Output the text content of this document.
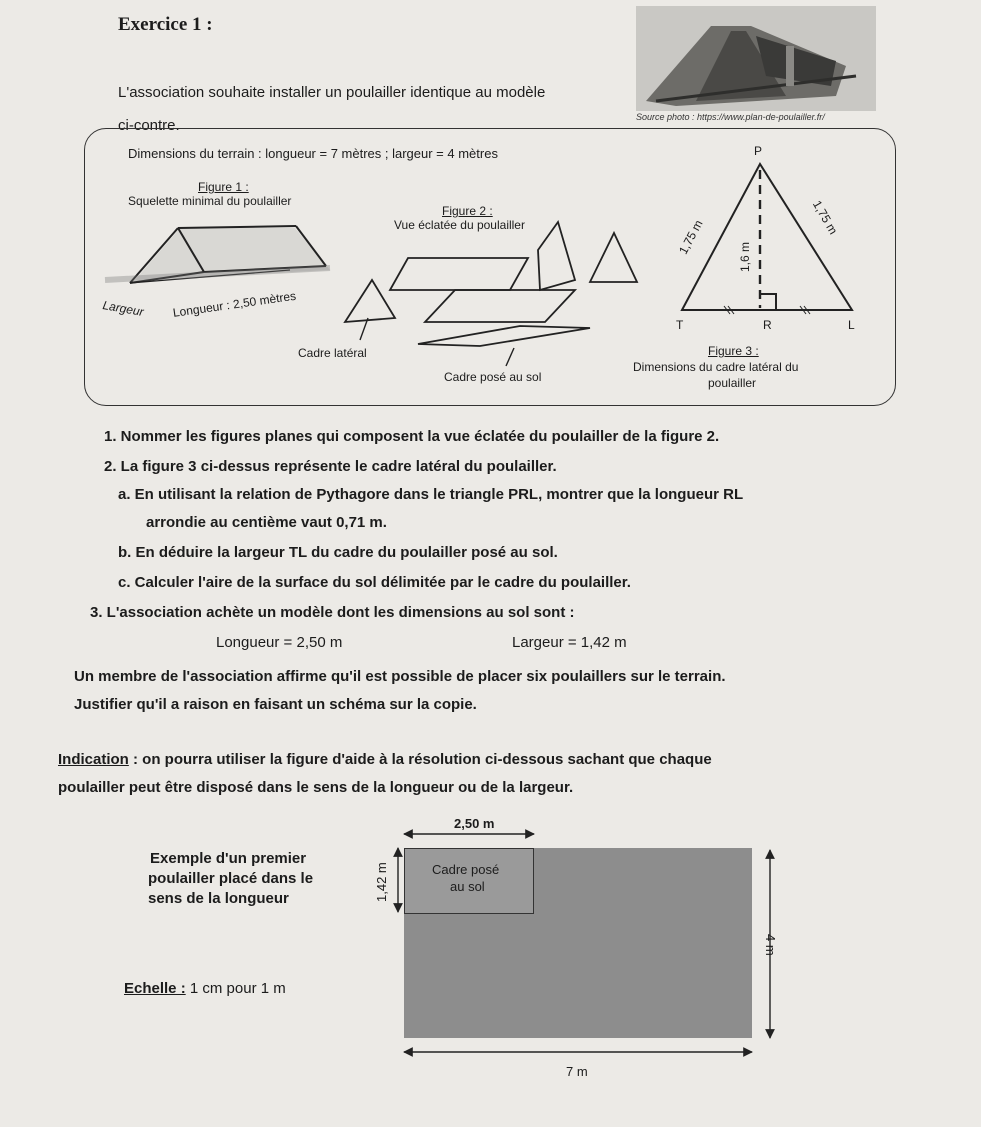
Exercice 1 :
L'association souhaite installer un poulailler identique au modèle
ci-contre.	Source photo : https://www.plan-de-poulailler.fr/
Dimensions du terrain : longueur = 7 mètres ; largeur = 4 mètres
Figure 1 :
Squelette minimal du poulailler
Largeur Longueur : 2,50 mètres
Cadre latéral
Figure 2 :
Vue éclatée du poulailler
Cadre posé au sol
P
T	R	L
1,75 m
1,75 m
1,6 m
Figure 3 :
Dimensions du cadre latéral du
poulailler
1. Nommer les figures planes qui composent la vue éclatée du poulailler de la figure 2.
2. La figure 3 ci-dessus représente le cadre latéral du poulailler.
a. En utilisant la relation de Pythagore dans le triangle PRL, montrer que la longueur RL
arrondie au centième vaut 0,71 m.
b. En déduire la largeur TL du cadre du poulailler posé au sol.
c. Calculer l'aire de la surface du sol délimitée par le cadre du poulailler.
3. L'association achète un modèle dont les dimensions au sol sont :
Longueur = 2,50 m	Largeur = 1,42 m
Un membre de l'association affirme qu'il est possible de placer six poulaillers sur le terrain.
Justifier qu'il a raison en faisant un schéma sur la copie.
Indication : on pourra utiliser la figure d'aide à la résolution ci-dessous sachant que chaque
poulailler peut être disposé dans le sens de la longueur ou de la largeur.
Exemple d'un premier
poulailler placé dans le
sens de la longueur
Echelle : 1 cm pour 1 m
Cadre posé
au sol
2,50 m
1,42 m
4 m
7 m
